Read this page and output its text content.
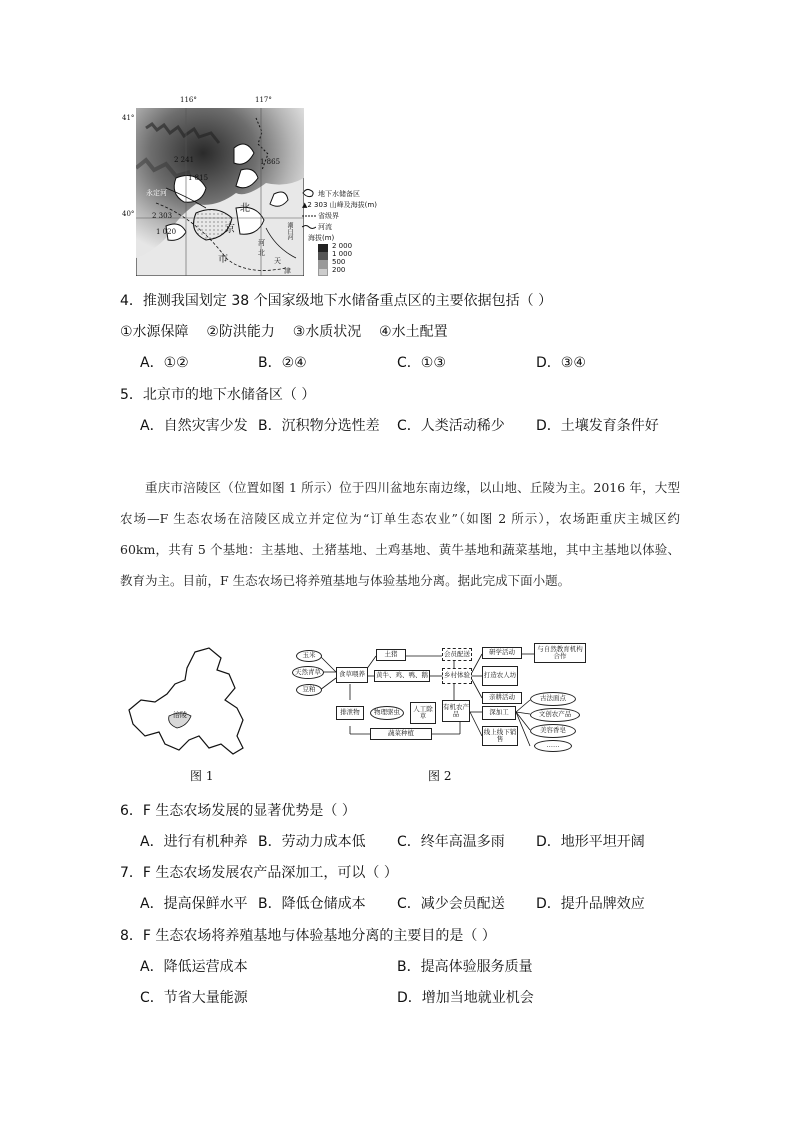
116°	117°
41°
40°
2 241
1 815
2 303
1 865
1 020
北
京
市
河
北
天
津
永定河
潮白河
地下水储备区
▲2 303 山峰及海拔(m)
省级界
河流
海拔(m)
2 000
1 000
500
200
4．推测我国划定 38 个国家级地下水储备重点区的主要依据包括（ ）
①水源保障    ②防洪能力    ③水质状况    ④水土配置
A．①②	B．②④	C．①③	D．③④
5．北京市的地下水储备区（ ）
A．自然灾害少发 B．沉积物分选性差 C．人类活动稀少 D．土壤发育条件好

重庆市涪陵区（位置如图 1 所示）位于四川盆地东南边缘，以山地、丘陵为主。2016 年，大型农场—F 生态农场在涪陵区成立并定位为“订单生态农业”（如图 2 所示），农场距重庆主城区约 60km，共有 5 个基地：主基地、土猪基地、土鸡基地、黄牛基地和蔬菜基地，其中主基地以体验、教育为主。目前，F 生态农场已将养殖基地与体验基地分离。据此完成下面小题。

涪陵
图 1
玉米
天然青草
豆粕
食草喂养
土猪
黄牛、鸡、鸭、鹅
排泄物	物理驱虫	人工除草
蔬菜种植
会员配送
乡村体验
有机农产品
研学活动	与自然教育机构合作
打造农人坊
亲耕活动
深加工
线上线下销售
古法面点
文创农产品
美容香皂
……
图 2
6．F 生态农场发展的显著优势是（ ）
A．进行有机种养 B．劳动力成本低 C．终年高温多雨 D．地形平坦开阔
7．F 生态农场发展农产品深加工，可以（ ）
A．提高保鲜水平 B．降低仓储成本 C．减少会员配送 D．提升品牌效应
8．F 生态农场将养殖基地与体验基地分离的主要目的是（ ）
A．降低运营成本	B．提高体验服务质量
C．节省大量能源	D．增加当地就业机会
